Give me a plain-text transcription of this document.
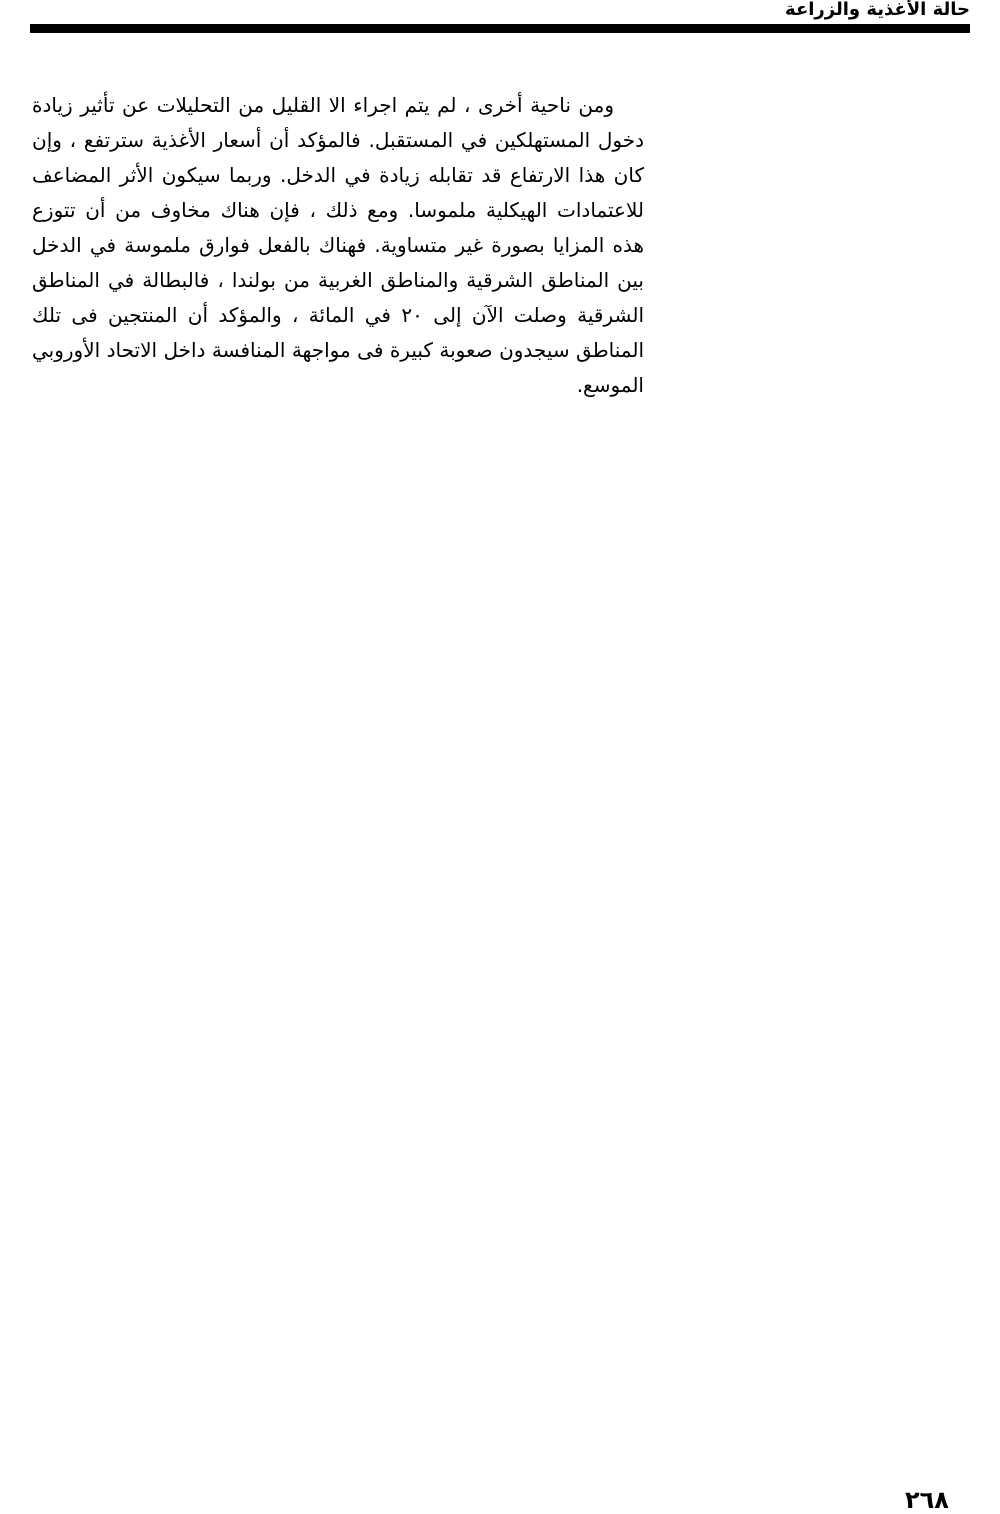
حالة الأغذية والزراعة

ومن ناحية أخرى ، لم يتم اجراء الا القليل من التحليلات عن تأثير زيادة دخول المستهلكين في المستقبل. فالمؤكد أن أسعار الأغذية سترتفع ، وإن كان هذا الارتفاع قد تقابله زيادة في الدخل. وربما سيكون الأثر المضاعف للاعتمادات الهيكلية ملموسا. ومع ذلك ، فإن هناك مخاوف من أن تتوزع هذه المزايا بصورة غير متساوية. فهناك بالفعل فوارق ملموسة في الدخل بين المناطق الشرقية والمناطق الغربية من بولندا ، فالبطالة في المناطق الشرقية وصلت الآن إلى ٢٠ في المائة ، والمؤكد أن المنتجين فى تلك المناطق سيجدون صعوبة كبيرة فى مواجهة المنافسة داخل الاتحاد الأوروبي الموسع.

٢٦٨
